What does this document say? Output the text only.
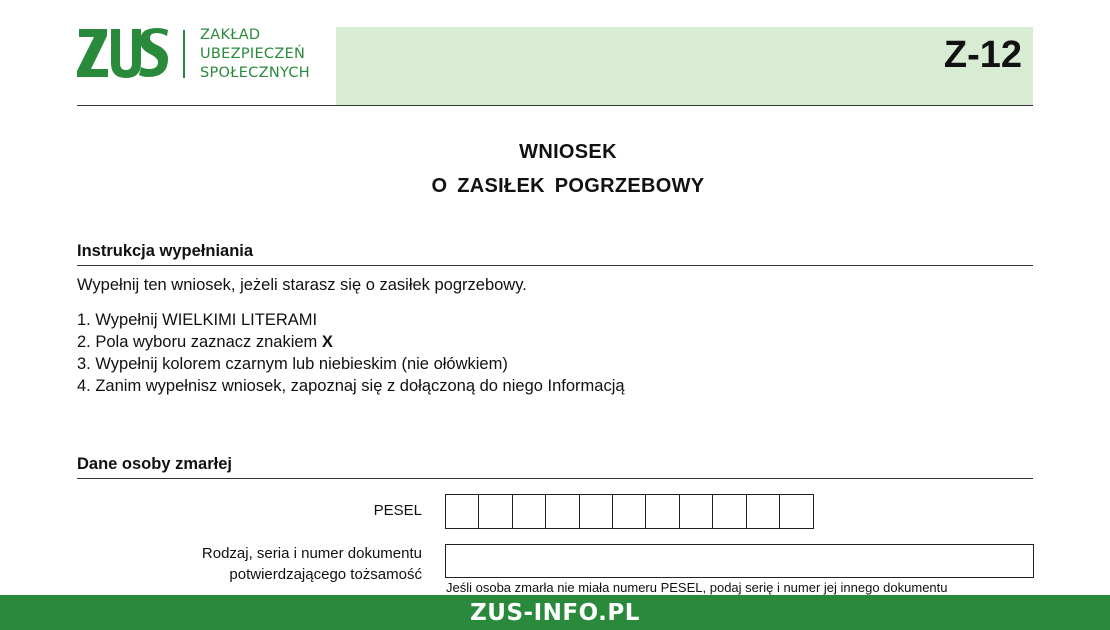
ZAKŁAD
UBEZPIECZEŃ
SPOŁECZNYCH	Z-12
WNIOSEK
O ZASIŁEK POGRZEBOWY
Instrukcja wypełniania
Wypełnij ten wniosek, jeżeli starasz się o zasiłek pogrzebowy.
1. Wypełnij WIELKIMI LITERAMI
2. Pola wyboru zaznacz znakiem X
3. Wypełnij kolorem czarnym lub niebieskim (nie ołówkiem)
4. Zanim wypełnisz wniosek, zapoznaj się z dołączoną do niego Informacją
Dane osoby zmarłej
PESEL
Rodzaj, seria i numer dokumentu
potwierdzającego tożsamość
Jeśli osoba zmarła nie miała numeru PESEL, podaj serię i numer jej innego dokumentu
ZUS-INFO.PL
